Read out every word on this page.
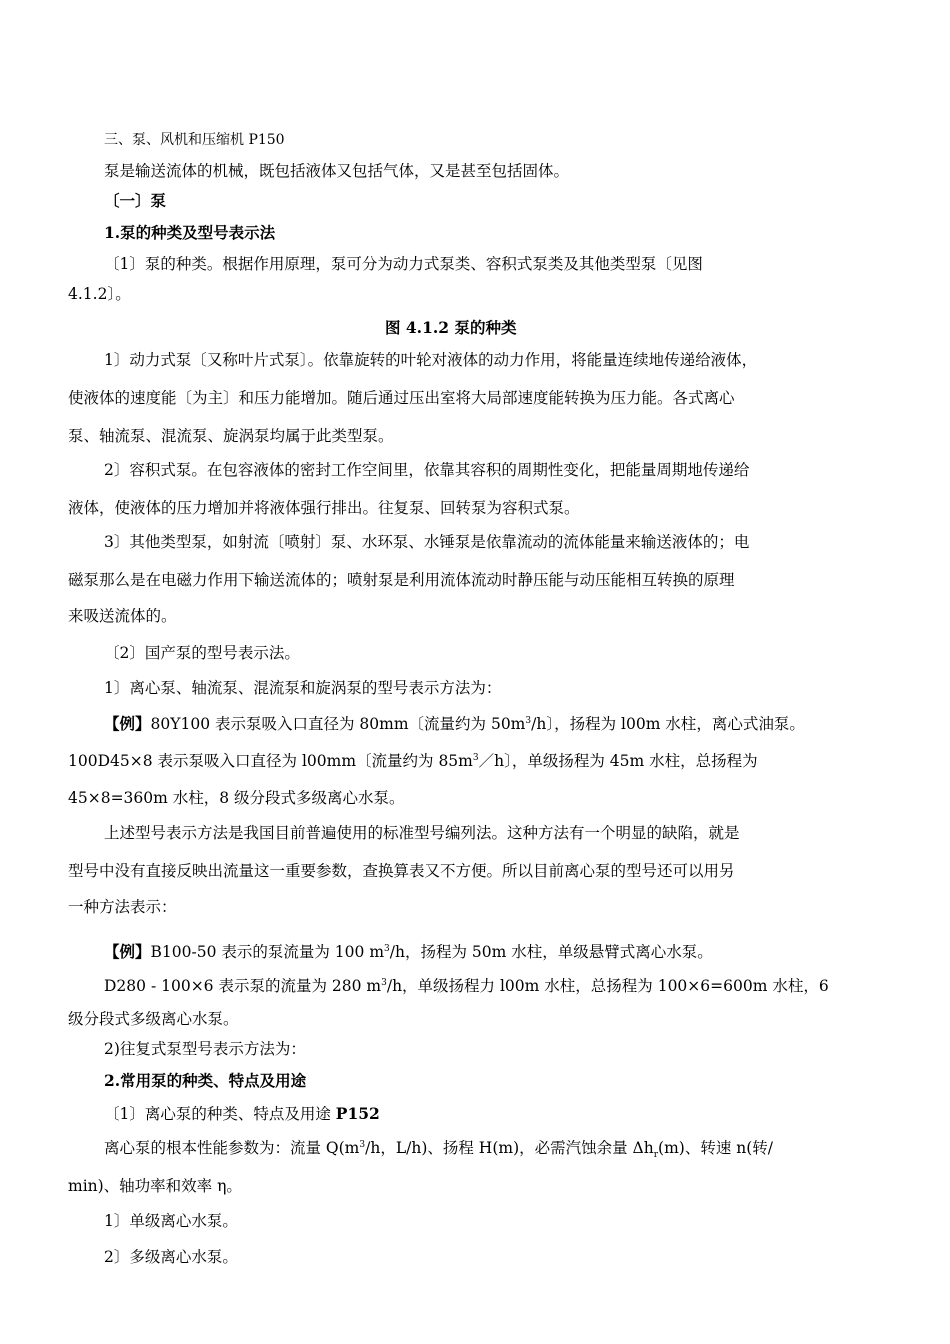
三、泵、风机和压缩机 P150
泵是输送流体的机械，既包括液体又包括气体，又是甚至包括固体。
〔一〕泵
1.泵的种类及型号表示法
〔1〕泵的种类。根据作用原理，泵可分为动力式泵类、容积式泵类及其他类型泵〔见图
4.1.2〕。
图 4.1.2 泵的种类
1〕动力式泵〔又称叶片式泵〕。依靠旋转的叶轮对液体的动力作用，将能量连续地传递给液体，
使液体的速度能〔为主〕和压力能增加。随后通过压出室将大局部速度能转换为压力能。各式离心
泵、轴流泵、混流泵、旋涡泵均属于此类型泵。
2〕容积式泵。在包容液体的密封工作空间里，依靠其容积的周期性变化，把能量周期地传递给
液体，使液体的压力增加并将液体强行排出。往复泵、回转泵为容积式泵。
3〕其他类型泵，如射流〔喷射〕泵、水环泵、水锤泵是依靠流动的流体能量来输送液体的；电
磁泵那么是在电磁力作用下输送流体的；喷射泵是利用流体流动时静压能与动压能相互转换的原理
来吸送流体的。
〔2〕国产泵的型号表示法。
1〕离心泵、轴流泵、混流泵和旋涡泵的型号表示方法为：
【例】80Y100 表示泵吸入口直径为 80mm〔流量约为 $50m^3/h$〕，扬程为 l00m 水柱，离心式油泵。
100D45×8 表示泵吸入口直径为 l00mm〔流量约为 $85m^3/h$〕，单级扬程为 45m 水柱，总扬程为
45×8=360m 水柱，8 级分段式多级离心水泵。
上述型号表示方法是我国目前普遍使用的标准型号编列法。这种方法有一个明显的缺陷，就是
型号中没有直接反映出流量这一重要参数，查换算表又不方便。所以目前离心泵的型号还可以用另
一种方法表示：
【例】B100-50 表示的泵流量为 100 $m^3/h$，扬程为 50m 水柱，单级悬臂式离心水泵。
D280 - 100×6 表示泵的流量为 280 $m^3/h$，单级扬程力 l00m 水柱，总扬程为 100×6=600m 水柱，6
级分段式多级离心水泵。
2)往复式泵型号表示方法为：
2.常用泵的种类、特点及用途
〔1〕离心泵的种类、特点及用途 P152
离心泵的根本性能参数为：流量 $Q(m^3/h$，L/h)、扬程 H(m)，必需汽蚀余量 $\Delta h_r(m)$、转速 n(转/
min)、轴功率和效率 η。
1〕单级离心水泵。
2〕多级离心水泵。
